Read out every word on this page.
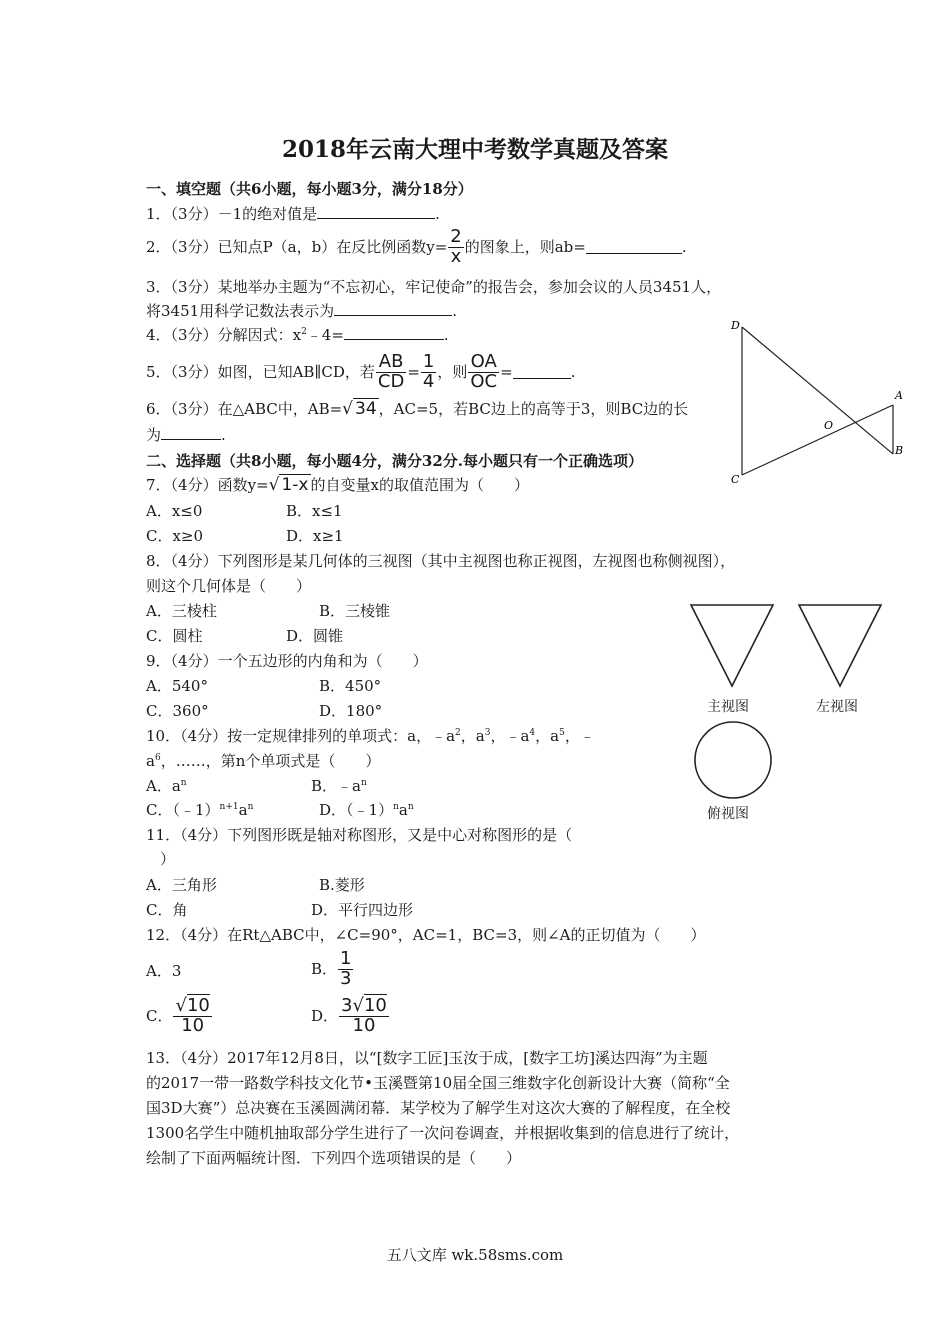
2018年云南大理中考数学真题及答案
一、填空题（共6小题，每小题3分，满分18分）
1．（3分）－1的绝对值是	.
2．（3分）已知点P（a，b）在反比例函数$y= \frac{2}{x}$ 的图象上，则ab=	.
3．（3分）某地举办主题为“不忘初心，牢记使命”的报告会，参加会议的人员3451人，
将3451用科学记数法表示为	.
4．（3分）分解因式：$x^2﹣4=$	.
5．（3分）如图，已知AB∥CD，若 $\frac{AB}{CD} = \frac{1}{4}$ ，则 $\frac{OA}{OC}$ =	.
6．（3分）在△ABC中，AB=√ 34 ，AC=5，若BC边上的高等于3，则BC边的长
为	.
D
A
O
B
C
二、选择题（共8小题，每小题4分，满分32分.每小题只有一个正确选项）
7．（4分）函数y=√ 1-x 的自变量x的取值范围为（　　）
A．x≤0	B．x≤1
C．x≥0	D．x≥1
8．（4分）下列图形是某几何体的三视图（其中主视图也称正视图，左视图也称侧视图），
则这个几何体是（　　）
A．三棱柱	B．三棱锥
C．圆柱	D．圆锥
主视图	左视图
俯视图
9．（4分）一个五边形的内角和为（　　）
A．540°	B．450°
C．360°	D．180°
10．（4分）按一定规律排列的单项式：a，$﹣a^2$，$a^3$，$﹣a^4$，$a^5$，﹣
$a^6$，……，第n个单项式是（　　）
A．$a^n$	B．$﹣a^n$
C．$(﹣1)^{n+1}a^n$	D．$(﹣1)^na^n$
11．（4分）下列图形既是轴对称图形，又是中心对称图形的是（
）
A．三角形	B.菱形
C．角	D．平行四边形
12．（4分）在Rt△ABC中，∠C=90°，AC=1，BC=3，则∠A的正切值为（　　）
A．3	B． $\frac{1}{3}$
C． $\frac{√10}{10}$	D． $\frac{3√10}{10}$
13．（4分）2017年12月8日，以“[数字工匠]玉汝于成，[数字工坊]溪达四海”为主题
的2017一带一路数学科技文化节•玉溪暨第10届全国三维数字化创新设计大赛（简称“全
国3D大赛”）总决赛在玉溪圆满闭幕．某学校为了解学生对这次大赛的了解程度，在全校
1300名学生中随机抽取部分学生进行了一次问卷调查，并根据收集到的信息进行了统计，
绘制了下面两幅统计图．下列四个选项错误的是（　　）
五八文库 wk.58sms.com
